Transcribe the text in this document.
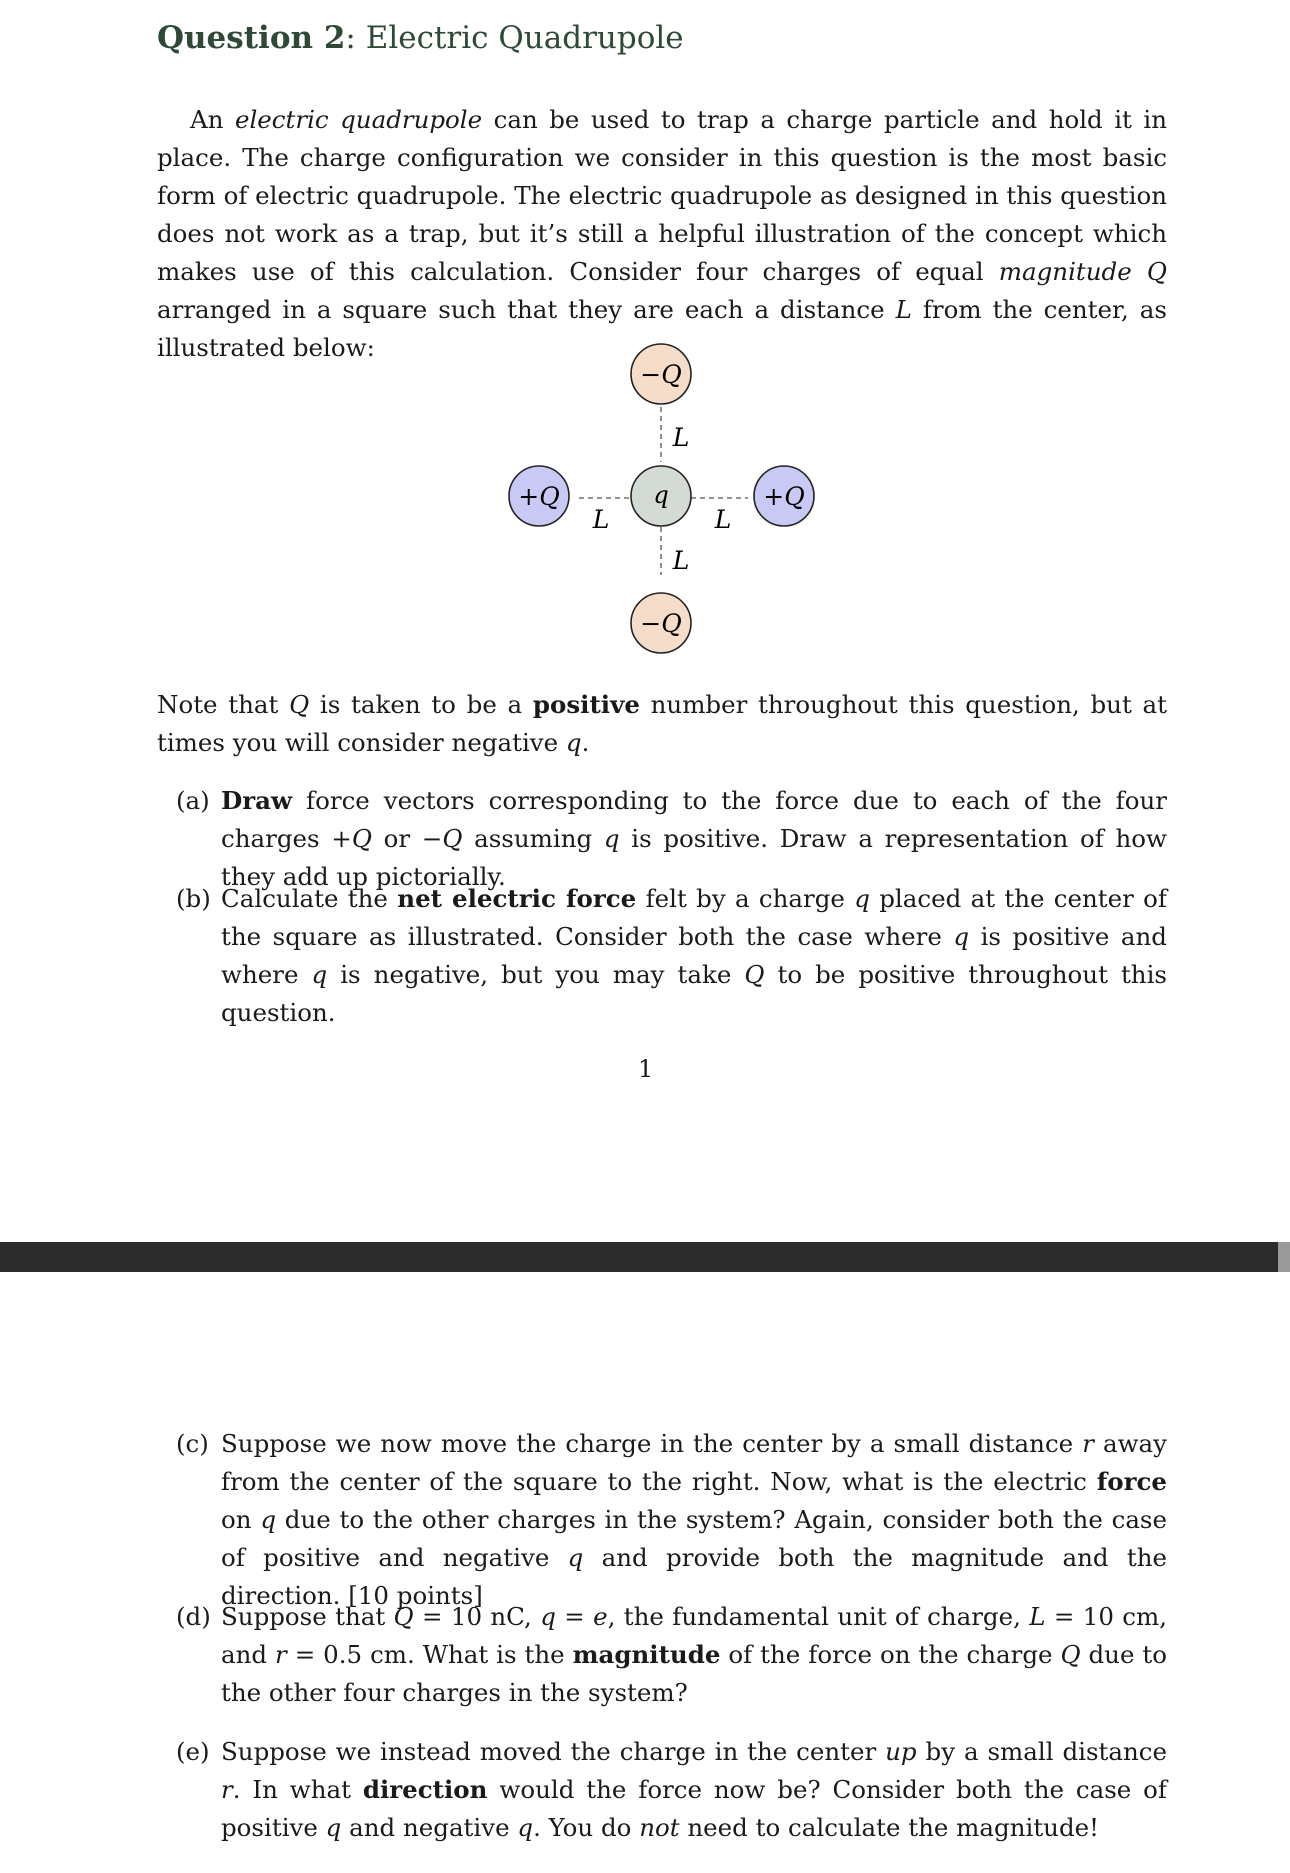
Question 2: Electric Quadrupole
An electric quadrupole can be used to trap a charge particle and hold it in place. The charge configuration we consider in this question is the most basic form of electric quadrupole. The electric quadrupole as designed in this question does not work as a trap, but it’s still a helpful illustration of the concept which makes use of this calculation. Consider four charges of equal magnitude Q arranged in a square such that they are each a distance L from the center, as illustrated below:
−Q
−Q
+Q	+Q
q
L
L
L	L
Note that Q is taken to be a positive number throughout this question, but at times you will consider negative q.
(a) Draw force vectors corresponding to the force due to each of the four charges +Q or −Q assuming q is positive. Draw a representation of how they add up pictorially.
(b) Calculate the net electric force felt by a charge q placed at the center of the square as illustrated. Consider both the case where q is positive and where q is negative, but you may take Q to be positive throughout this question.
1
(c) Suppose we now move the charge in the center by a small distance r away from the center of the square to the right. Now, what is the electric force on q due to the other charges in the system? Again, consider both the case of positive and negative q and provide both the magnitude and the direction. [10 points]
(d) Suppose that Q = 10 nC, q = e, the fundamental unit of charge, L = 10 cm, and r = 0.5 cm. What is the magnitude of the force on the charge Q due to the other four charges in the system?
(e) Suppose we instead moved the charge in the center up by a small distance r. In what direction would the force now be? Consider both the case of positive q and negative q. You do not need to calculate the magnitude!
